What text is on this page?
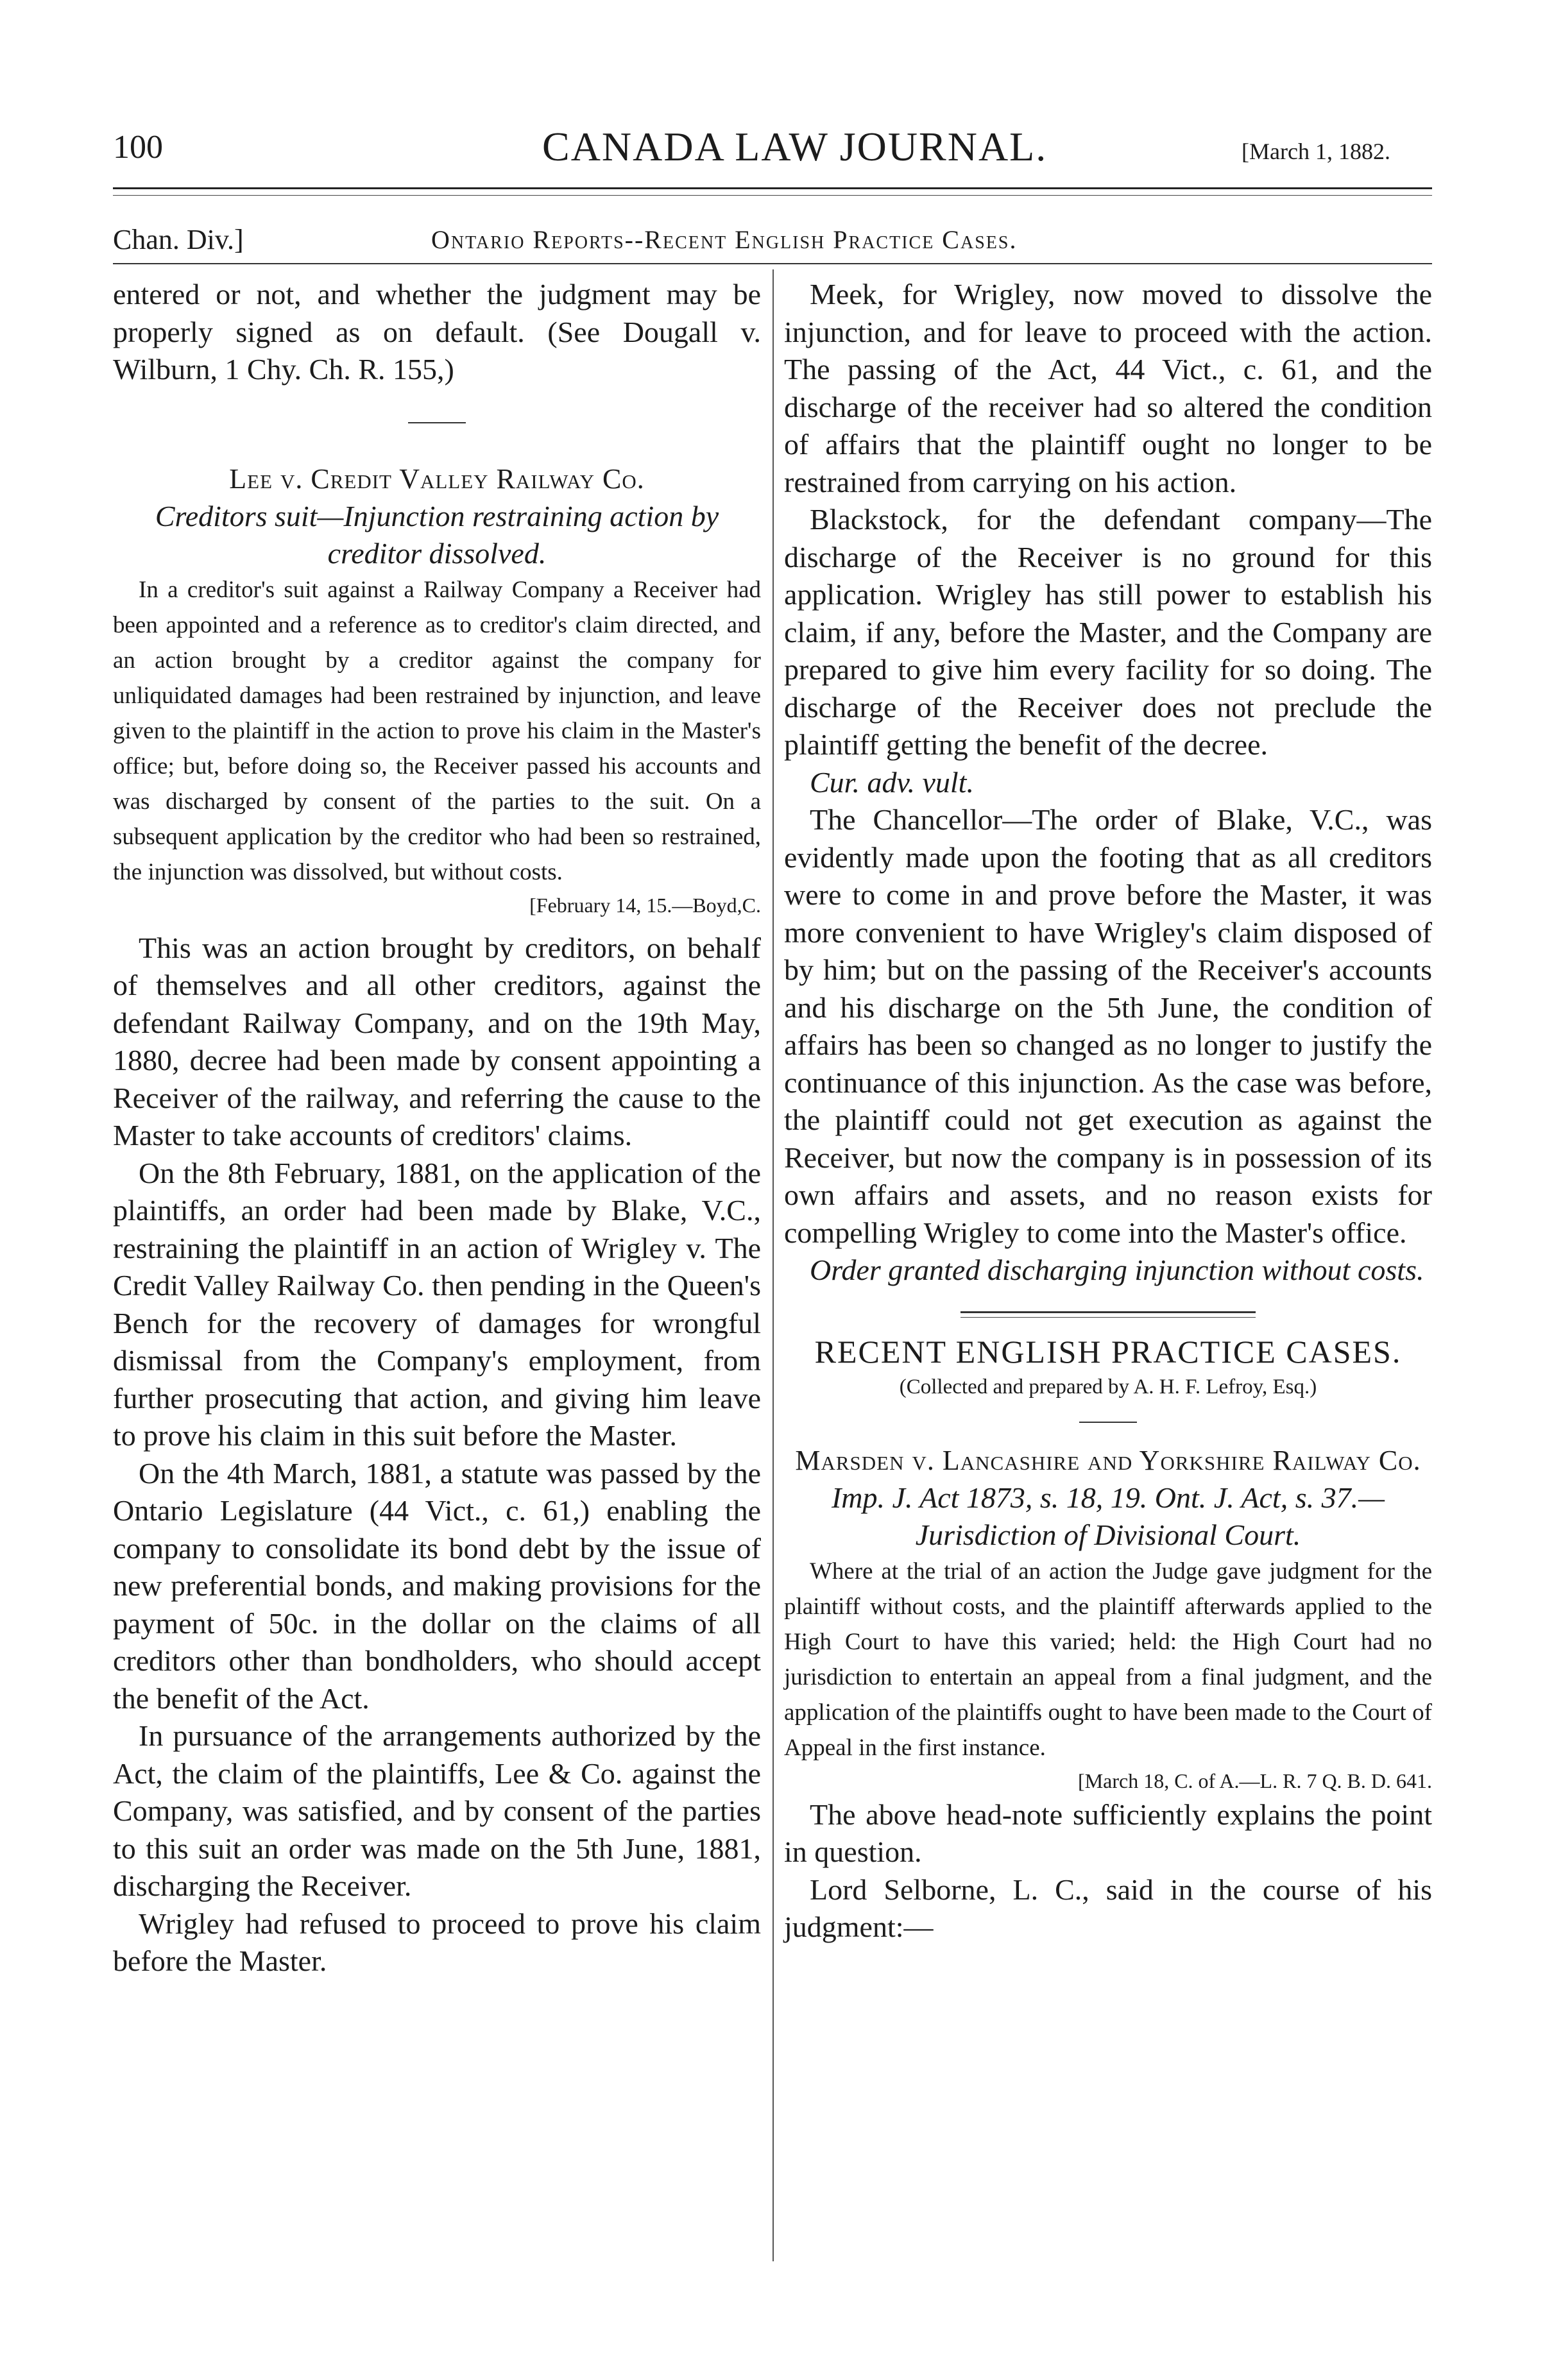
100	CANADA LAW JOURNAL.	[March 1, 1882.
Chan. Div.]	Ontario Reports--Recent English Practice Cases.

entered or not, and whether the judgment may be properly signed as on default. (See Dougall v. Wilburn, 1 Chy. Ch. R. 155,)

Lee v. Credit Valley Railway Co.

Creditors suit—Injunction restraining action by creditor dissolved.

In a creditor's suit against a Railway Company a Receiver had been appointed and a reference as to creditor's claim directed, and an action brought by a creditor against the company for unliquidated damages had been restrained by injunction, and leave given to the plaintiff in the action to prove his claim in the Master's office; but, before doing so, the Receiver passed his accounts and was discharged by consent of the parties to the suit. On a subsequent application by the creditor who had been so restrained, the injunction was dissolved, but without costs.

[February 14, 15.—Boyd,C.

This was an action brought by creditors, on behalf of themselves and all other creditors, against the defendant Railway Company, and on the 19th May, 1880, decree had been made by consent appointing a Receiver of the railway, and referring the cause to the Master to take accounts of creditors' claims.

On the 8th February, 1881, on the application of the plaintiffs, an order had been made by Blake, V.C., restraining the plaintiff in an action of Wrigley v. The Credit Valley Railway Co. then pending in the Queen's Bench for the recovery of damages for wrongful dismissal from the Company's employment, from further prosecuting that action, and giving him leave to prove his claim in this suit before the Master.

On the 4th March, 1881, a statute was passed by the Ontario Legislature (44 Vict., c. 61,) enabling the company to consolidate its bond debt by the issue of new preferential bonds, and making provisions for the payment of 50c. in the dollar on the claims of all creditors other than bondholders, who should accept the benefit of the Act.

In pursuance of the arrangements authorized by the Act, the claim of the plaintiffs, Lee & Co. against the Company, was satisfied, and by consent of the parties to this suit an order was made on the 5th June, 1881, discharging the Receiver.

Wrigley had refused to proceed to prove his claim before the Master.

Meek, for Wrigley, now moved to dissolve the injunction, and for leave to proceed with the action. The passing of the Act, 44 Vict., c. 61, and the discharge of the receiver had so altered the condition of affairs that the plaintiff ought no longer to be restrained from carrying on his action.

Blackstock, for the defendant company—The discharge of the Receiver is no ground for this application. Wrigley has still power to establish his claim, if any, before the Master, and the Company are prepared to give him every facility for so doing. The discharge of the Receiver does not preclude the plaintiff getting the benefit of the decree.

Cur. adv. vult.

The Chancellor—The order of Blake, V.C., was evidently made upon the footing that as all creditors were to come in and prove before the Master, it was more convenient to have Wrigley's claim disposed of by him; but on the passing of the Receiver's accounts and his discharge on the 5th June, the condition of affairs has been so changed as no longer to justify the continuance of this injunction. As the case was before, the plaintiff could not get execution as against the Receiver, but now the company is in possession of its own affairs and assets, and no reason exists for compelling Wrigley to come into the Master's office.

Order granted discharging injunction without costs.

RECENT ENGLISH PRACTICE CASES.

(Collected and prepared by A. H. F. Lefroy, Esq.)

Marsden v. Lancashire and Yorkshire Railway Co.

Imp. J. Act 1873, s. 18, 19. Ont. J. Act, s. 37.—Jurisdiction of Divisional Court.

Where at the trial of an action the Judge gave judgment for the plaintiff without costs, and the plaintiff afterwards applied to the High Court to have this varied; held: the High Court had no jurisdiction to entertain an appeal from a final judgment, and the application of the plaintiffs ought to have been made to the Court of Appeal in the first instance.

[March 18, C. of A.—L. R. 7 Q. B. D. 641.

The above head-note sufficiently explains the point in question.

Lord Selborne, L. C., said in the course of his judgment:—
